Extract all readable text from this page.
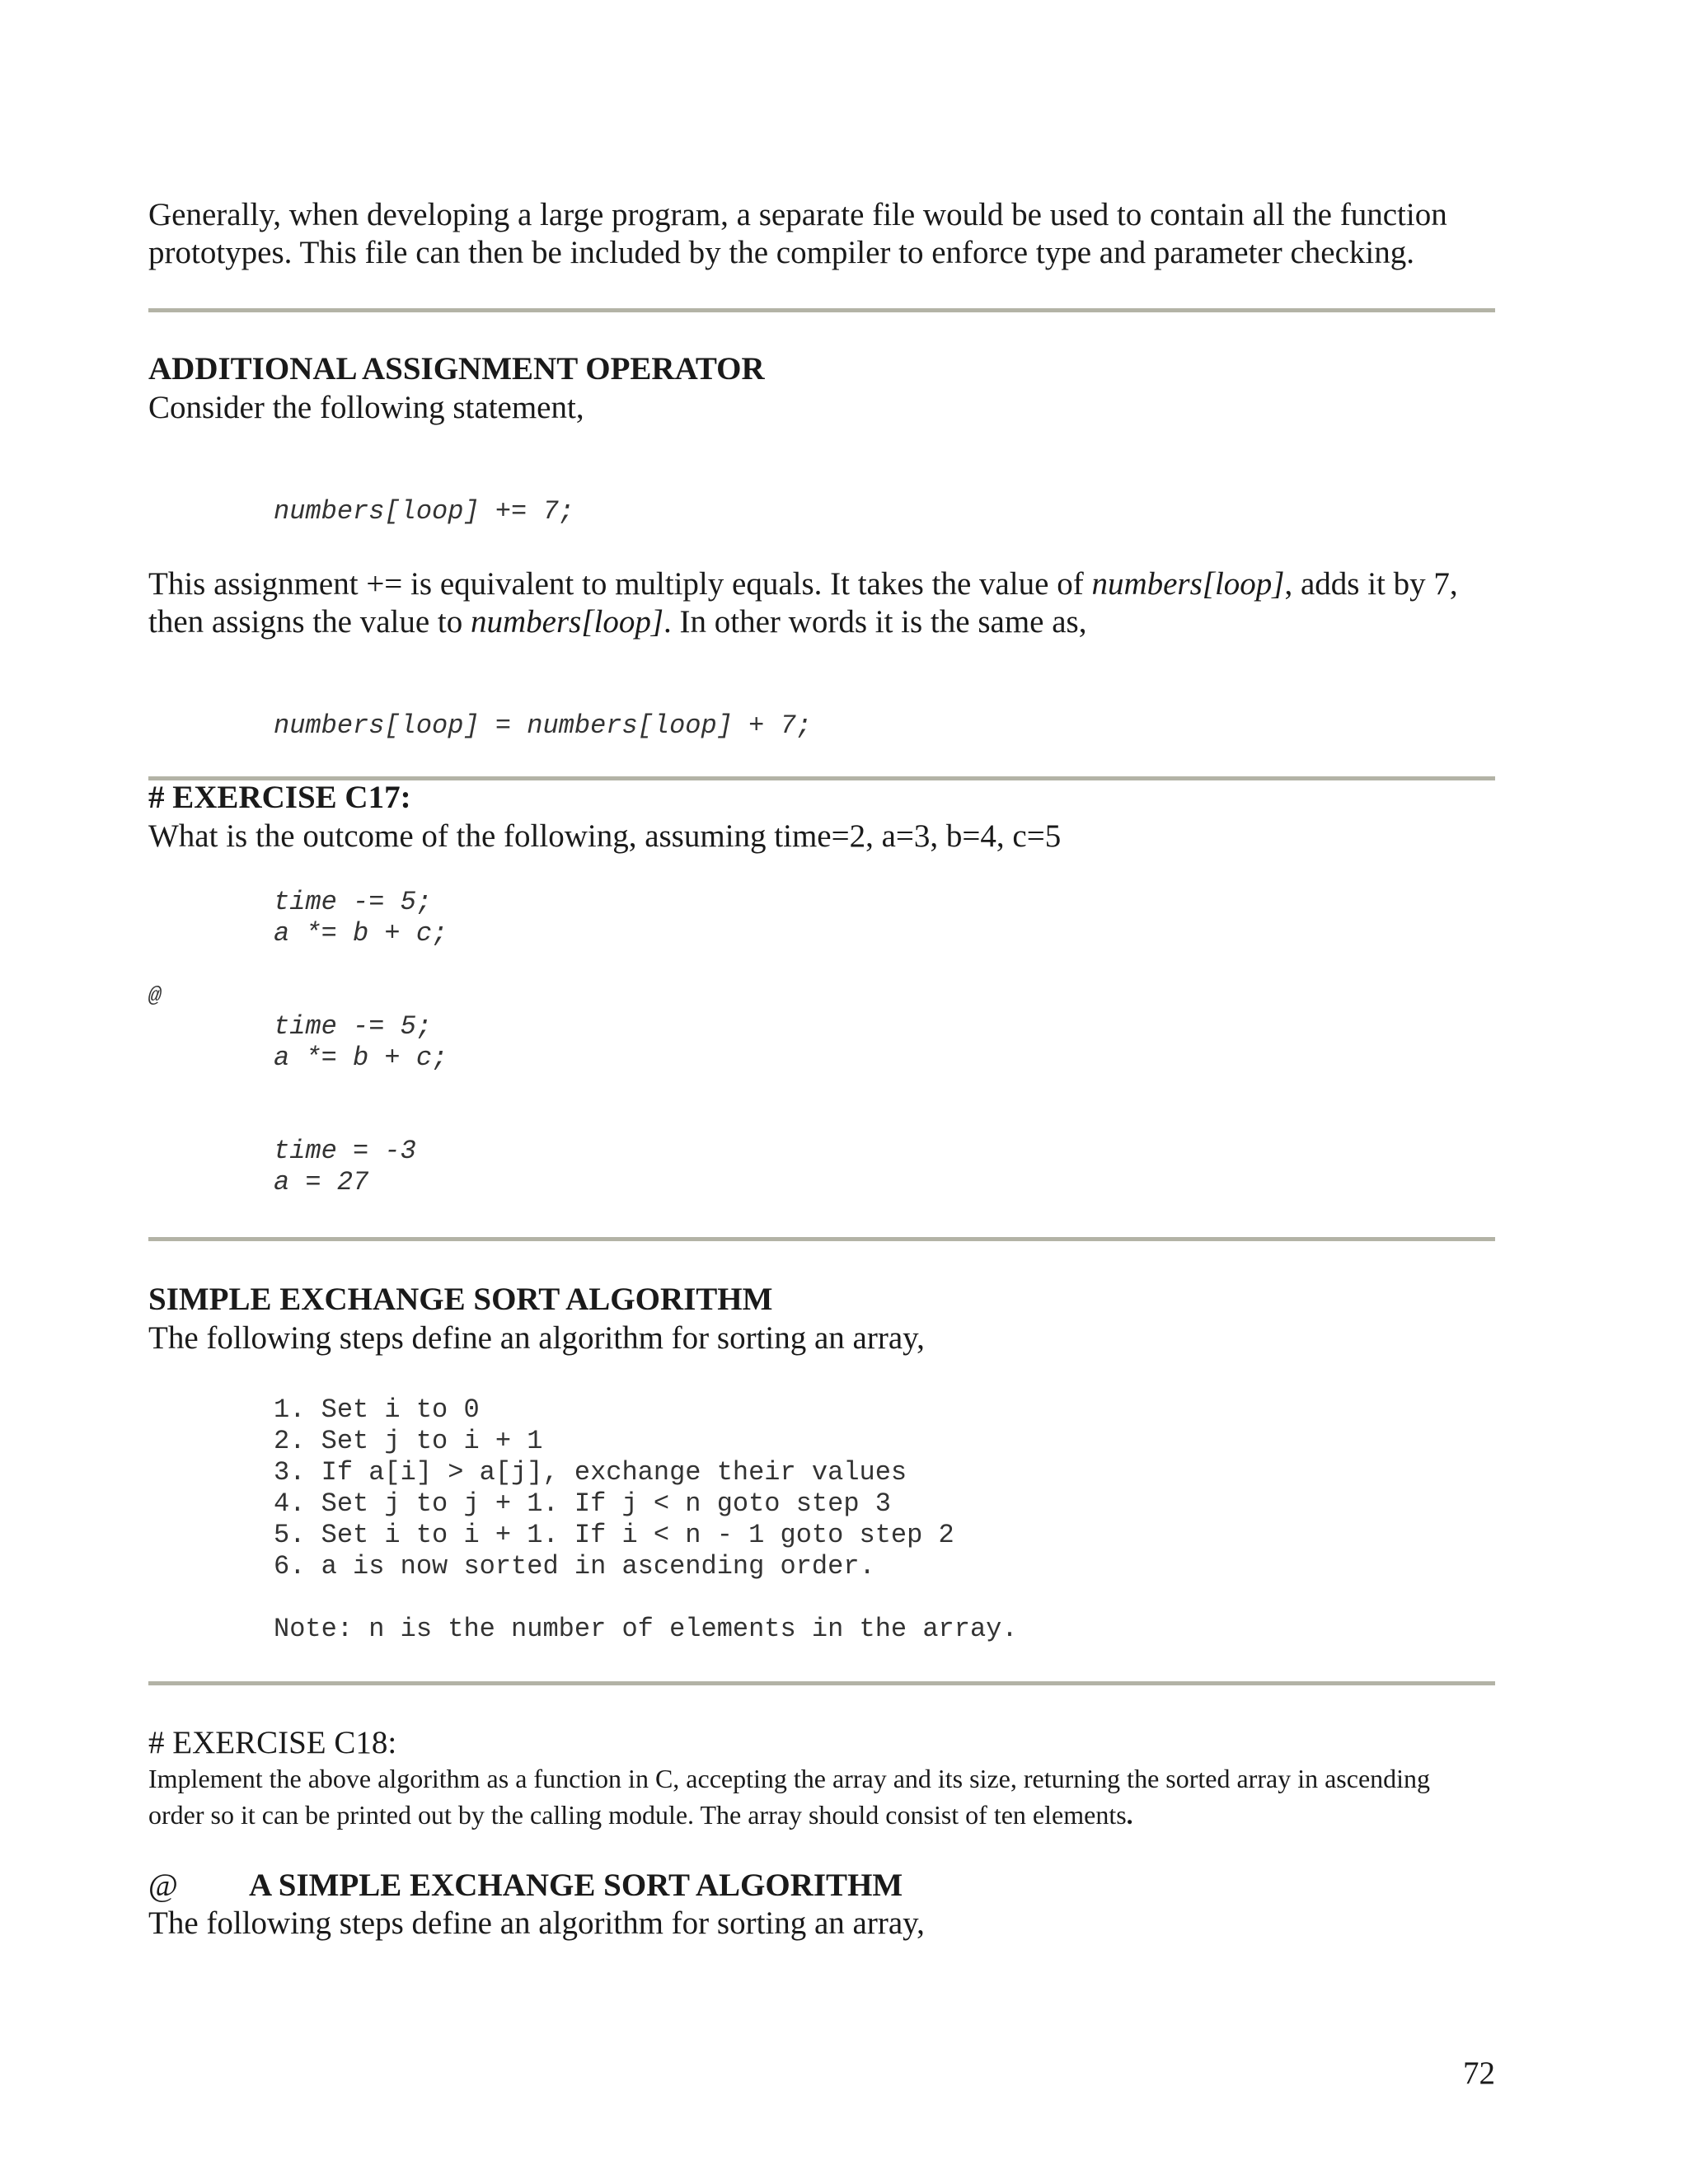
Generally, when developing a large program, a separate file would be used to contain all the function
prototypes. This file can then be included by the compiler to enforce type and parameter checking.
ADDITIONAL ASSIGNMENT OPERATOR
Consider the following statement,
numbers[loop] += 7;
This assignment += is equivalent to multiply equals. It takes the value of numbers[loop], adds it by 7,
then assigns the value to numbers[loop]. In other words it is the same as,
numbers[loop] = numbers[loop] + 7;
# EXERCISE C17:
What is the outcome of the following, assuming time=2, a=3, b=4, c=5
time -= 5;
a *= b + c;
@
time -= 5;
a *= b + c;
time = -3
a = 27
SIMPLE EXCHANGE SORT ALGORITHM
The following steps define an algorithm for sorting an array,
1. Set i to 0
2. Set j to i + 1
3. If a[i] > a[j], exchange their values
4. Set j to j + 1. If j < n goto step 3
5. Set i to i + 1. If i < n - 1 goto step 2
6. a is now sorted in ascending order.
Note: n is the number of elements in the array.
# EXERCISE C18:
Implement the above algorithm as a function in C, accepting the array and its size, returning the sorted array in ascending
order so it can be printed out by the calling module. The array should consist of ten elements.
@ A SIMPLE EXCHANGE SORT ALGORITHM
The following steps define an algorithm for sorting an array,
72
